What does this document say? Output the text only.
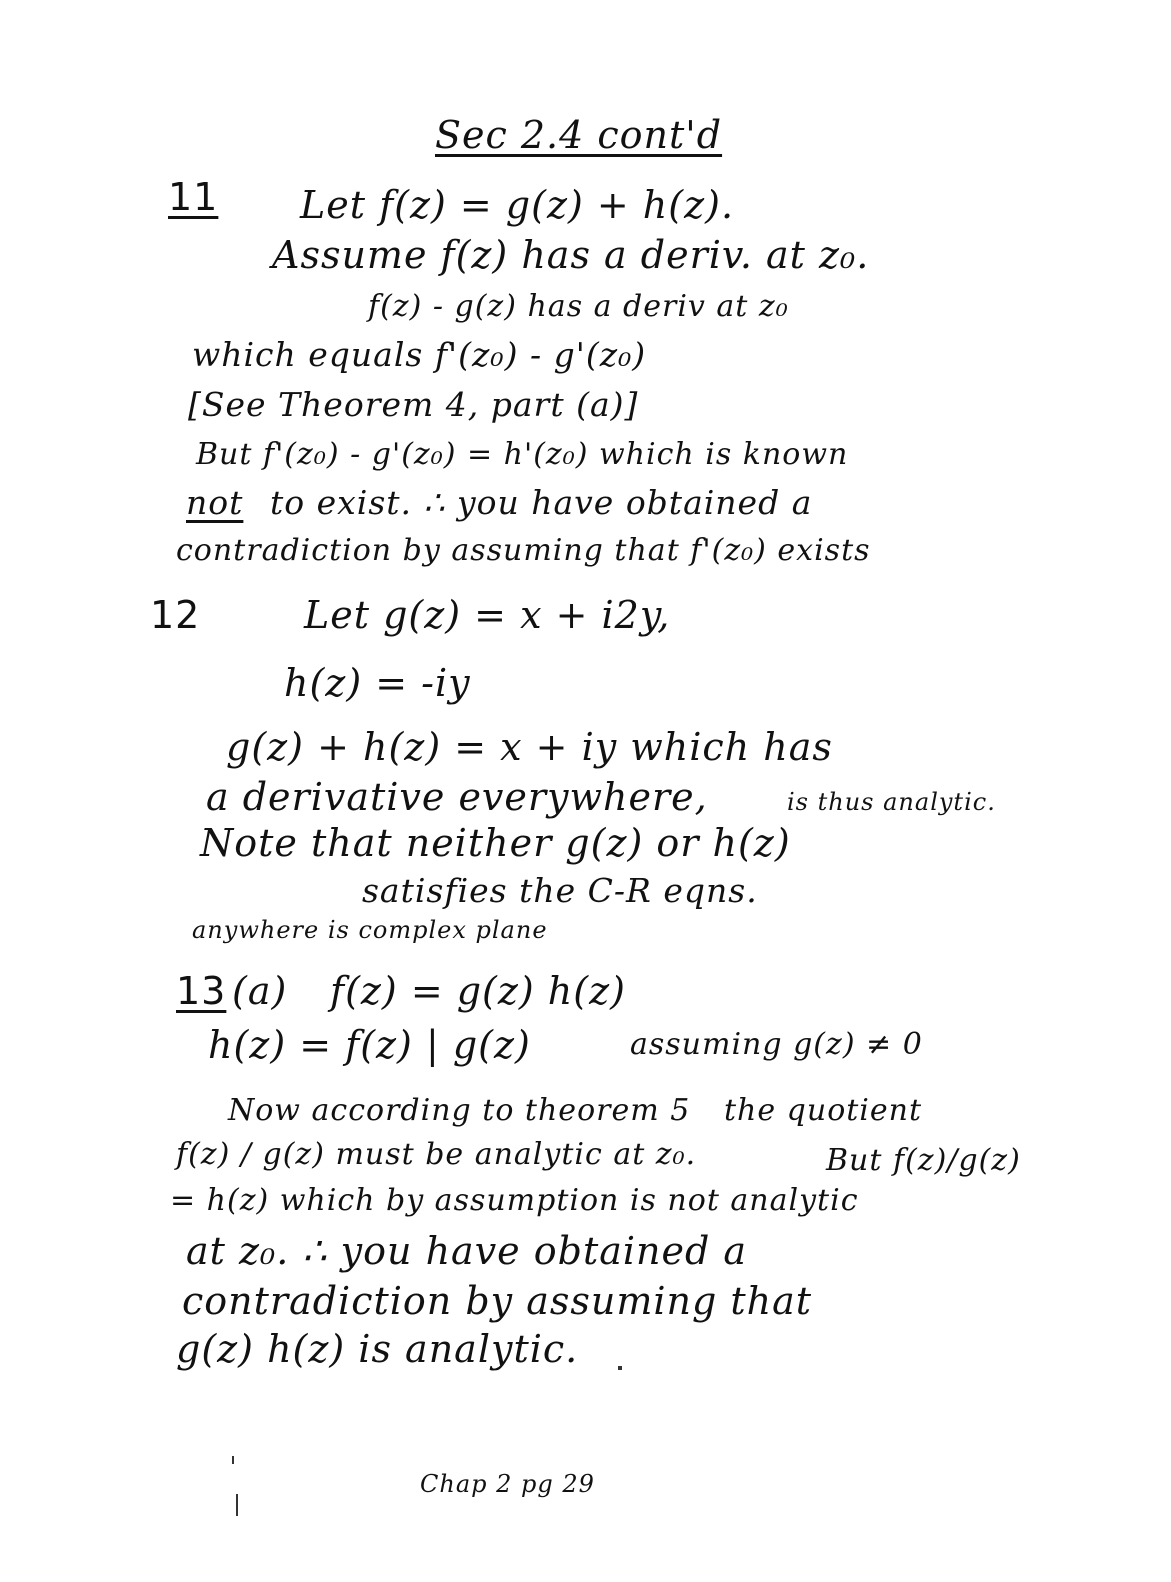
Sec 2.4 cont'd
11 Let f(z) = g(z) + h(z).
Assume f(z) has a deriv. at z₀.
f(z) - g(z) has a deriv at z₀
which equals f'(z₀) - g'(z₀)
[See Theorem 4, part (a)]
But f'(z₀) - g'(z₀) = h'(z₀) which is known
not to exist. ∴ you have obtained a
contradiction by assuming that f'(z₀) exists
12	Let g(z) = x + i2y,
h(z) = -iy
g(z) + h(z) = x + iy which has
a derivative everywhere,	is thus analytic.
Note that neither g(z) or h(z)
satisfies the C-R eqns.
anywhere is complex plane
13 (a) f(z) = g(z) h(z)
h(z) = f(z) | g(z)	assuming g(z) ≠ 0
Now according to theorem 5 the quotient
f(z) / g(z) must be analytic at z₀.	But f(z)/g(z)
= h(z) which by assumption is not analytic
at z₀. ∴ you have obtained a
contradiction by assuming that
g(z) h(z) is analytic.
Chap 2 pg 29
